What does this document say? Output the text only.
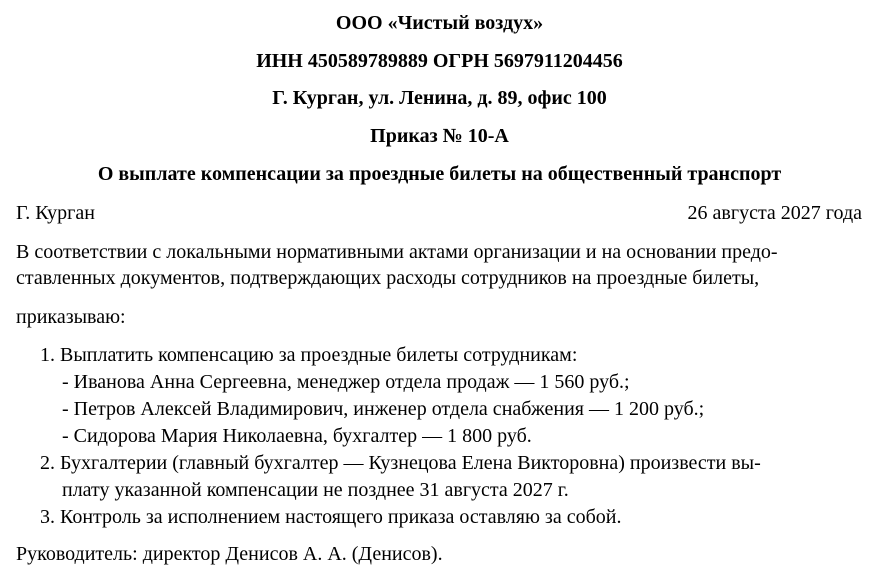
ООО «Чистый воздух»
ИНН 450589789889 ОГРН 5697911204456
Г. Курган, ул. Ленина, д. 89, офис 100
Приказ № 10-А
О выплате компенсации за проездные билеты на общественный транспорт
Г. Курган	26 августа 2027 года
В соответствии с локальными нормативными актами организации и на основании предо-
ставленных документов, подтверждающих расходы сотрудников на проездные билеты,
приказываю:
1. Выплатить компенсацию за проездные билеты сотрудникам:
- Иванова Анна Сергеевна, менеджер отдела продаж — 1 560 руб.;
- Петров Алексей Владимирович, инженер отдела снабжения — 1 200 руб.;
- Сидорова Мария Николаевна, бухгалтер — 1 800 руб.
2. Бухгалтерии (главный бухгалтер — Кузнецова Елена Викторовна) произвести вы-
плату указанной компенсации не позднее 31 августа 2027 г.
3. Контроль за исполнением настоящего приказа оставляю за собой.
Руководитель: директор Денисов А. А. (Денисов).
